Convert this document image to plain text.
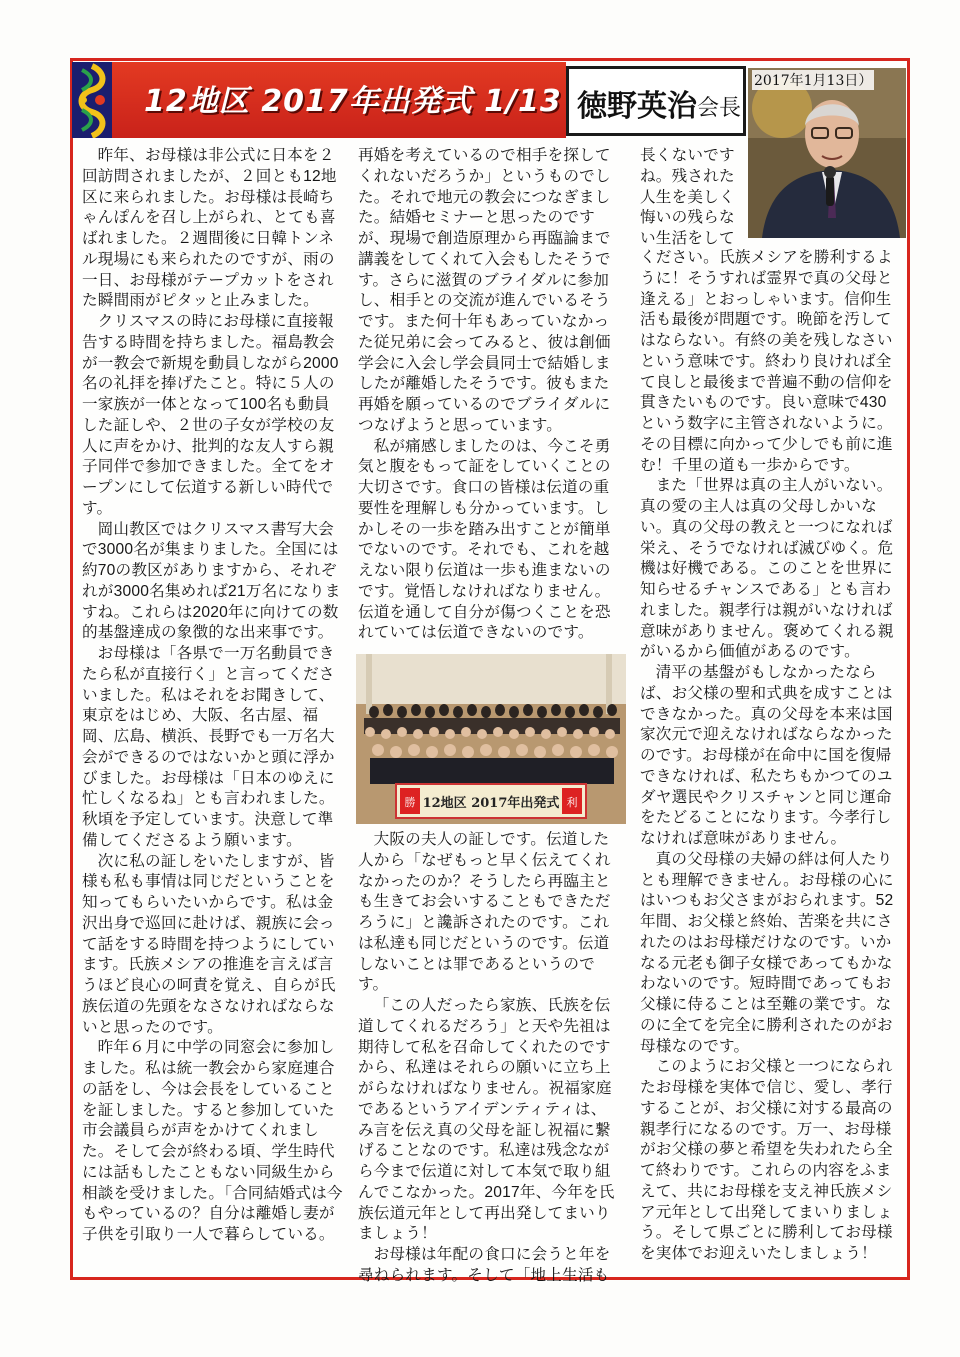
12地区 2017年出発式 1/13 徳野英治 会長
2017年1月13日）

昨年、お母様は非公式に日本を２回訪問されましたが、２回とも12地区に来られました。お母様は長崎ちゃんぽんを召し上がられ、とても喜ばれました。２週間後に日韓トンネル現場にも来られたのですが、雨の一日、お母様がテープカットをされた瞬間雨がピタッと止みました。

クリスマスの時にお母様に直接報告する時間を持ちました。福島教会が一教会で新規を動員しながら2000名の礼拝を捧げたこと。特に５人の一家族が一体となって100名も動員した証しや、２世の子女が学校の友人に声をかけ、批判的な友人すら親子同伴で参加できました。全てをオープンにして伝道する新しい時代です。

岡山教区ではクリスマス書写大会で3000名が集まりました。全国には約70の教区がありますから、それぞれが3000名集めれば21万名になりますね。これらは2020年に向けての数的基盤達成の象徴的な出来事です。

お母様は「各県で一万名動員できたら私が直接行く」と言ってくださいました。私はそれをお聞きして、東京をはじめ、大阪、名古屋、福岡、広島、横浜、長野でも一万名大会ができるのではないかと頭に浮かびました。お母様は「日本のゆえに忙しくなるね」とも言われました。秋頃を予定しています。決意して準備してくださるよう願います。

次に私の証しをいたしますが、皆様も私も事情は同じだということを知ってもらいたいからです。私は金沢出身で巡回に赴けば、親族に会って話をする時間を持つようにしています。氏族メシアの推進を言えば言うほど良心の呵責を覚え、自らが氏族伝道の先頭をなさなければならないと思ったのです。

昨年６月に中学の同窓会に参加しました。私は統一教会から家庭連合の話をし、今は会長をしていることを証しました。すると参加していた市会議員らが声をかけてくれました。そして会が終わる頃、学生時代には話もしたこともない同級生から相談を受けました。「合同結婚式は今もやっているの？自分は離婚し妻が子供を引取り一人で暮らしている。

再婚を考えているので相手を探してくれないだろうか」というものでした。それで地元の教会につなぎました。結婚セミナーと思ったのですが、現場で創造原理から再臨論まで講義をしてくれて入会もしたそうです。さらに滋賀のブライダルに参加し、相手との交流が進んでいるそうです。また何十年もあっていなかった従兄弟に会ってみると、彼は創価学会に入会し学会員同士で結婚しましたが離婚したそうです。彼もまた再婚を願っているのでブライダルにつなげようと思っています。

私が痛感しましたのは、今こそ勇気と腹をもって証をしていくことの大切さです。食口の皆様は伝道の重要性を理解しも分かっています。しかしその一歩を踏み出すことが簡単でないのです。それでも、これを越えない限り伝道は一歩も進まないのです。覚悟しなければなりません。伝道を通して自分が傷つくことを恐れていては伝道できないのです。

勝	利
12地区 2017年出発式

大阪の夫人の証しです。伝道した人から「なぜもっと早く伝えてくれなかったのか？そうしたら再臨主とも生きてお会いすることもできただろうに」と讒訴されたのです。これは私達も同じだというのです。伝道しないことは罪であるというのです。

「この人だったら家族、氏族を伝道してくれるだろう」と天や先祖は期待して私を召命してくれたのですから、私達はそれらの願いに立ち上がらなければなりません。祝福家庭であるというアイデンティティは、み言を伝え真の父母を証し祝福に繋げることなのです。私達は残念ながら今まで伝道に対して本気で取り組んでこなかった。2017年、今年を氏族伝道元年として再出発してまいりましょう！

お母様は年配の食口に会うと年を尋ねられます。そして「地上生活も

長くないですね。残された人生を美しく悔いの残らない生活をして

ください。氏族メシアを勝利するように！そうすれば霊界で真の父母と逢える」とおっしゃいます。信仰生活も最後が問題です。晩節を汚してはならない。有終の美を残しなさいという意味です。終わり良ければ全て良しと最後まで普遍不動の信仰を貫きたいものです。良い意味で430という数字に主管されないように。その目標に向かって少しでも前に進む！千里の道も一歩からです。

また「世界は真の主人がいない。真の愛の主人は真の父母しかいない。真の父母の教えと一つになれば栄え、そうでなければ滅びゆく。危機は好機である。このことを世界に知らせるチャンスである」とも言われました。親孝行は親がいなければ意味がありません。褒めてくれる親がいるから価値があるのです。

清平の基盤がもしなかったならば、お父様の聖和式典を成すことはできなかった。真の父母を本来は国家次元で迎えなければならなかったのです。お母様が在命中に国を復帰できなければ、私たちもかつてのユダヤ選民やクリスチャンと同じ運命をたどることになります。今孝行しなければ意味がありません。

真の父母様の夫婦の絆は何人たりとも理解できません。お母様の心にはいつもお父さまがおられます。52年間、お父様と終始、苦楽を共にされたのはお母様だけなのです。いかなる元老も御子女様であってもかなわないのです。短時間であってもお父様に侍ることは至難の業です。なのに全てを完全に勝利されたのがお母様なのです。

このようにお父様と一つになられたお母様を実体で信じ、愛し、孝行することが、お父様に対する最高の親孝行になるのです。万一、お母様がお父様の夢と希望を失われたら全て終わりです。これらの内容をふまえて、共にお母様を支え神氏族メシア元年として出発してまいりましょう。そして県ごとに勝利してお母様を実体でお迎えいたしましょう！
